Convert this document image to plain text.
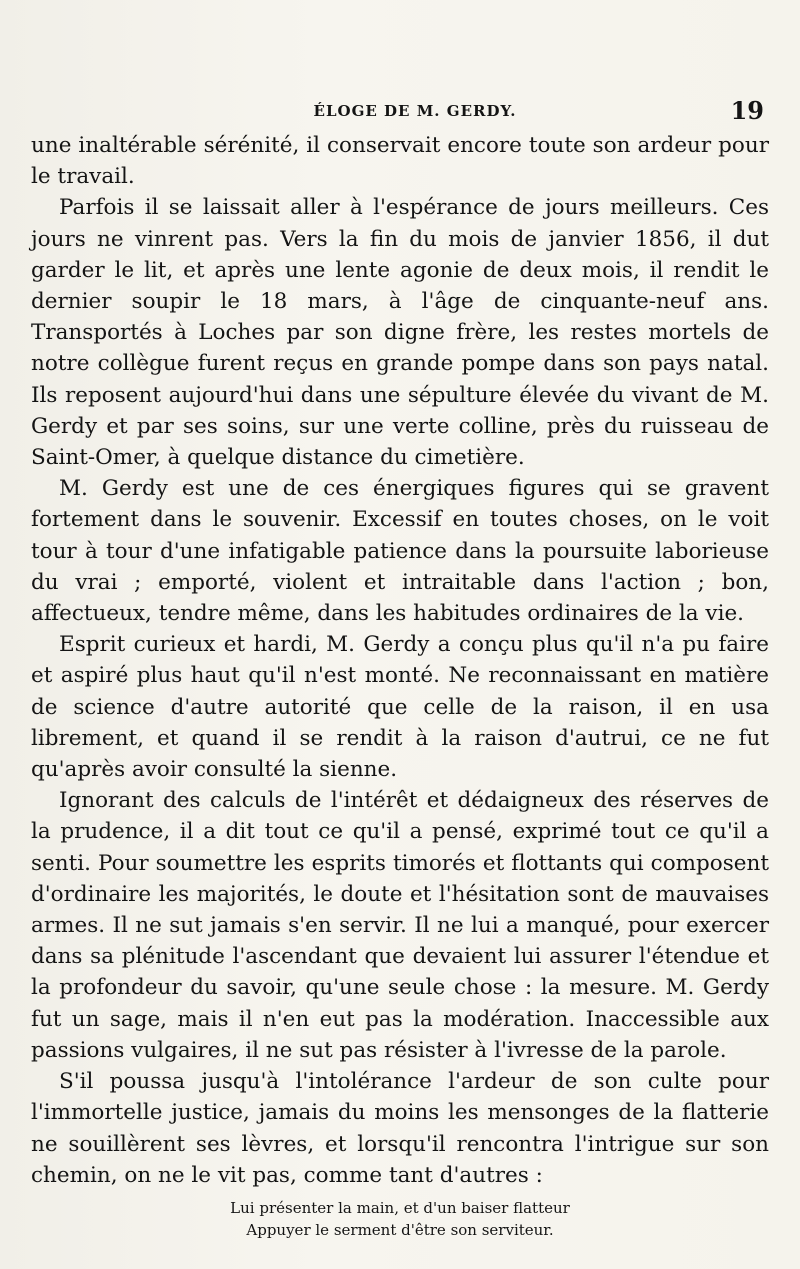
ÉLOGE DE M. GERDY.	19

une inaltérable sérénité, il conservait encore toute son ardeur pour le travail.

Parfois il se laissait aller à l'espérance de jours meilleurs. Ces jours ne vinrent pas. Vers la fin du mois de janvier 1856, il dut garder le lit, et après une lente agonie de deux mois, il rendit le dernier soupir le 18 mars, à l'âge de cinquante-neuf ans. Transportés à Loches par son digne frère, les restes mortels de notre collègue furent reçus en grande pompe dans son pays natal. Ils reposent aujourd'hui dans une sépulture élevée du vivant de M. Gerdy et par ses soins, sur une verte colline, près du ruisseau de Saint-Omer, à quelque distance du cimetière.

M. Gerdy est une de ces énergiques figures qui se gravent fortement dans le souvenir. Excessif en toutes choses, on le voit tour à tour d'une infatigable patience dans la poursuite laborieuse du vrai ; emporté, violent et intraitable dans l'action ; bon, affectueux, tendre même, dans les habitudes ordinaires de la vie.

Esprit curieux et hardi, M. Gerdy a conçu plus qu'il n'a pu faire et aspiré plus haut qu'il n'est monté. Ne reconnaissant en matière de science d'autre autorité que celle de la raison, il en usa librement, et quand il se rendit à la raison d'autrui, ce ne fut qu'après avoir consulté la sienne.

Ignorant des calculs de l'intérêt et dédaigneux des réserves de la prudence, il a dit tout ce qu'il a pensé, exprimé tout ce qu'il a senti. Pour soumettre les esprits timorés et flottants qui composent d'ordinaire les majorités, le doute et l'hésitation sont de mauvaises armes. Il ne sut jamais s'en servir. Il ne lui a manqué, pour exercer dans sa plénitude l'ascendant que devaient lui assurer l'étendue et la profondeur du savoir, qu'une seule chose : la mesure. M. Gerdy fut un sage, mais il n'en eut pas la modération. Inaccessible aux passions vulgaires, il ne sut pas résister à l'ivresse de la parole.

S'il poussa jusqu'à l'intolérance l'ardeur de son culte pour l'immortelle justice, jamais du moins les mensonges de la flatterie ne souillèrent ses lèvres, et lorsqu'il rencontra l'intrigue sur son chemin, on ne le vit pas, comme tant d'autres :

Lui présenter la main, et d'un baiser flatteur
Appuyer le serment d'être son serviteur.
